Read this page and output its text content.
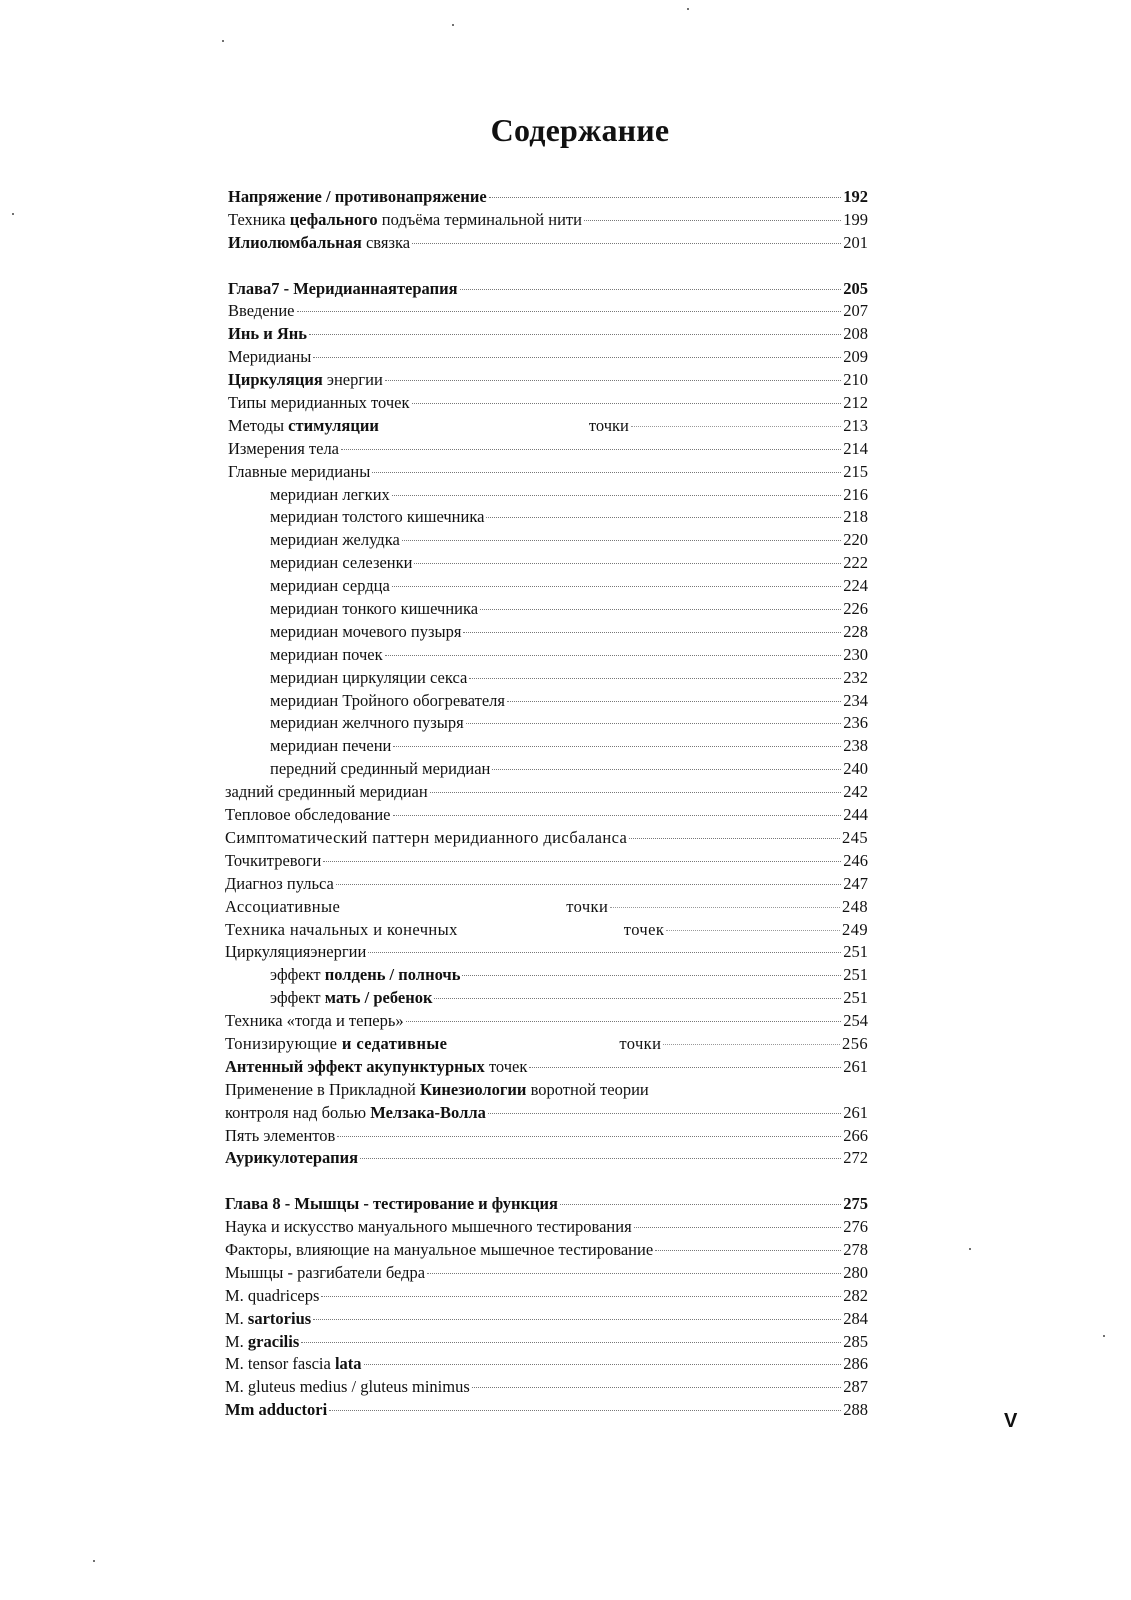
Содержание
Напряжение / противонапряжение	192
Техника цефального подъёма терминальной нити	199
Илиолюмбальная связка	201
Глава7 - Меридианнаятерапия	205
Введение	207
Инь и Янь	208
Меридианы	209
Циркуляция энергии	210
Типы меридианных точек	212
Методы стимуляции	точки	213
Измерения тела	214
Главные меридианы	215
меридиан легких	216
меридиан толстого кишечника	218
меридиан желудка	220
меридиан селезенки	222
меридиан сердца	224
меридиан тонкого кишечника	226
меридиан мочевого пузыря	228
меридиан почек	230
меридиан циркуляции секса	232
меридиан Тройного обогревателя	234
меридиан желчного пузыря	236
меридиан печени	238
передний срединный меридиан	240
задний срединный меридиан	242
Тепловое обследование	244
Симптоматический паттерн меридианного дисбаланса	245
Точкитревоги	246
Диагноз пульса	247
Ассоциативные	точки	248
Техника начальных и конечных	точек	249
Циркуляцияэнергии	251
эффект полдень / полночь	251
эффект мать / ребенок	251
Техника «тогда и теперь»	254
Тонизирующие и седативные	точки	256
Антенный эффект акупунктурных точек	261
Применение в Прикладной Кинезиологии воротной теории
контроля над болью Мелзака-Волла	261
Пять элементов	266
Аурикулотерапия	272
Глава 8 - Мышцы - тестирование и функция	275
Наука и искусство мануального мышечного тестирования	276
Факторы, влияющие на мануальное мышечное тестирование	278
Мышцы - разгибатели бедра	280
M. quadriceps	282
M. sartorius	284
M. gracilis	285
M. tensor fascia lata	286
M. gluteus medius / gluteus minimus	287
Mm adductori	288
V
